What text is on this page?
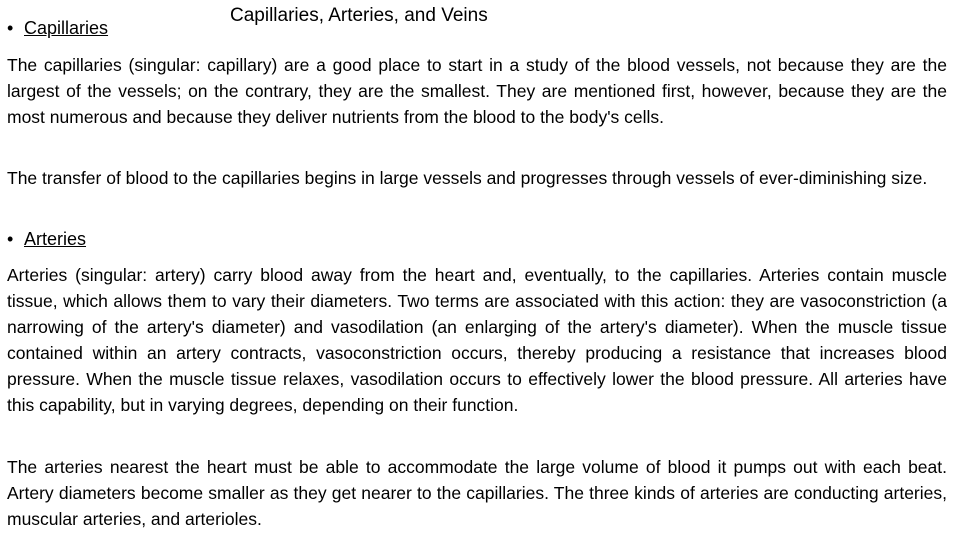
Capillaries, Arteries, and Veins
• Capillaries

The capillaries (singular: capillary) are a good place to start in a study of the blood vessels, not because they are the largest of the vessels; on the contrary, they are the smallest. They are mentioned first, however, because they are the most numerous and because they deliver nutrients from the blood to the body's cells.

The transfer of blood to the capillaries begins in large vessels and progresses through vessels of ever-diminishing size.

• Arteries

Arteries (singular: artery) carry blood away from the heart and, eventually, to the capillaries. Arteries contain muscle tissue, which allows them to vary their diameters. Two terms are associated with this action: they are vasoconstriction (a narrowing of the artery's diameter) and vasodilation (an enlarging of the artery's diameter). When the muscle tissue contained within an artery contracts, vasoconstriction occurs, thereby producing a resistance that increases blood pressure. When the muscle tissue relaxes, vasodilation occurs to effectively lower the blood pressure. All arteries have this capability, but in varying degrees, depending on their function.

The arteries nearest the heart must be able to accommodate the large volume of blood it pumps out with each beat. Artery diameters become smaller as they get nearer to the capillaries. The three kinds of arteries are conducting arteries, muscular arteries, and arterioles.
